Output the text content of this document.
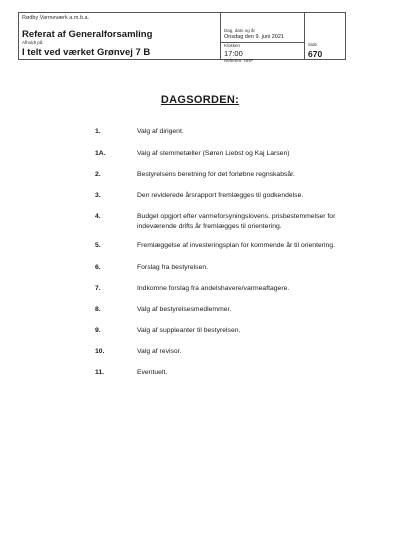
Rødby Varmeværk a.m.b.a.
Referat af Generalforsamling
Afholdt på:
I telt ved værket Grønvej 7 B
Dag, dato og år
Onsdag den 9. juni 2021
Klokken
17:00
Referent: HHP
Side
670
DAGSORDEN:
1.	Valg af dirigent.
1A.	Valg af stemmetæller (Søren Liebst og Kaj Larsen)
2.	Bestyrelsens beretning for det forløbne regnskabsår.
3.	Den reviderede årsrapport fremlægges til godkendelse.
4.	Budget opgjort efter varmeforsyningslovens. prisbestemmelser for indeværende drifts år fremlægges til orientering.
5.	Fremlæggelse af investeringsplan for kommende år til orientering.
6.	Forslag fra bestyrelsen.
7.	Indkomne forslag fra andelshavere/varmeaftagere.
8.	Valg af bestyrelsesmedlemmer.
9.	Valg af suppleanter til bestyrelsen.
10.	Valg af revisor.
11.	Eventuelt.
